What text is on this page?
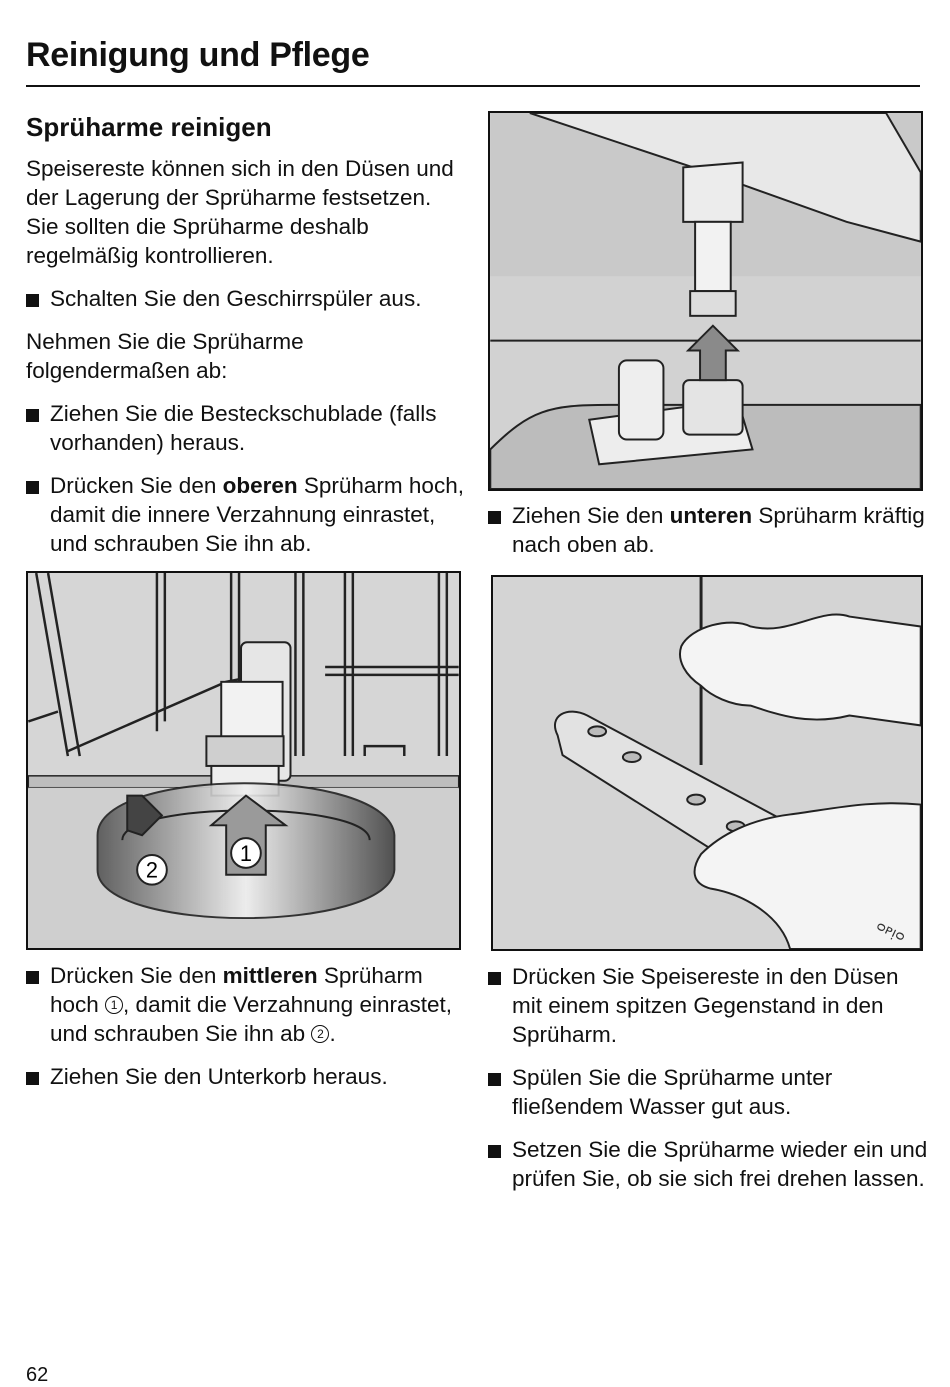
Reinigung und Pflege

Sprüharme reinigen

Speisereste können sich in den Düsen und der Lagerung der Sprüharme festsetzen. Sie sollten die Sprüharme deshalb regelmäßig kontrollieren.

Schalten Sie den Geschirrspüler aus.

Nehmen Sie die Sprüharme folgendermaßen ab:

Ziehen Sie die Besteckschublade (falls vorhanden) heraus.

Drücken Sie den oberen Sprüharm hoch, damit die innere Verzahnung einrastet, und schrauben Sie ihn ab.

1
2

Drücken Sie den mittleren Sprüharm hoch 1 , damit die Verzahnung einrastet, und schrauben Sie ihn ab 2 .

Ziehen Sie den Unterkorb heraus.

Ziehen Sie den unteren Sprüharm kräftig nach oben ab.

ᴑᴘᴉᴑ

Drücken Sie Speisereste in den Düsen mit einem spitzen Gegenstand in den Sprüharm.

Spülen Sie die Sprüharme unter fließendem Wasser gut aus.

Setzen Sie die Sprüharme wieder ein und prüfen Sie, ob sie sich frei drehen lassen.

62
